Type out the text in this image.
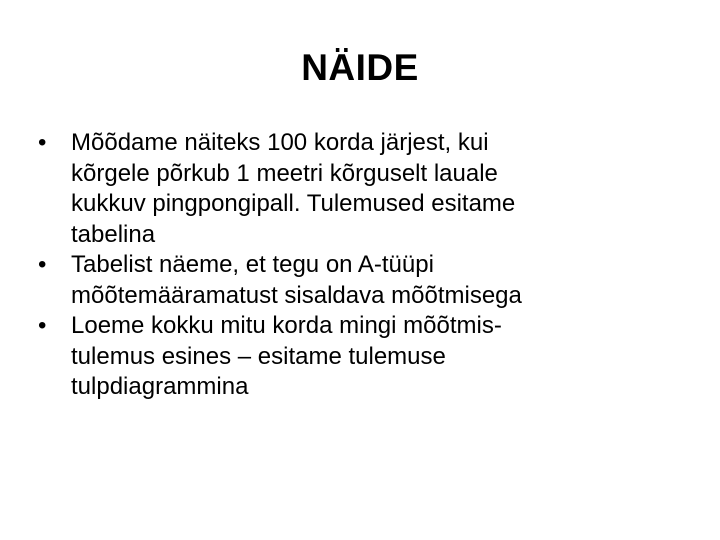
NÄIDE
•	Mõõdame näiteks 100 korda järjest, kui
kõrgele põrkub 1 meetri kõrguselt lauale
kukkuv pingpongipall. Tulemused esitame
tabelina
•	Tabelist näeme, et tegu on A-tüüpi
mõõtemääramatust sisaldava mõõtmisega
•	Loeme kokku mitu korda mingi mõõtmis-
tulemus esines – esitame tulemuse
tulpdiagrammina
